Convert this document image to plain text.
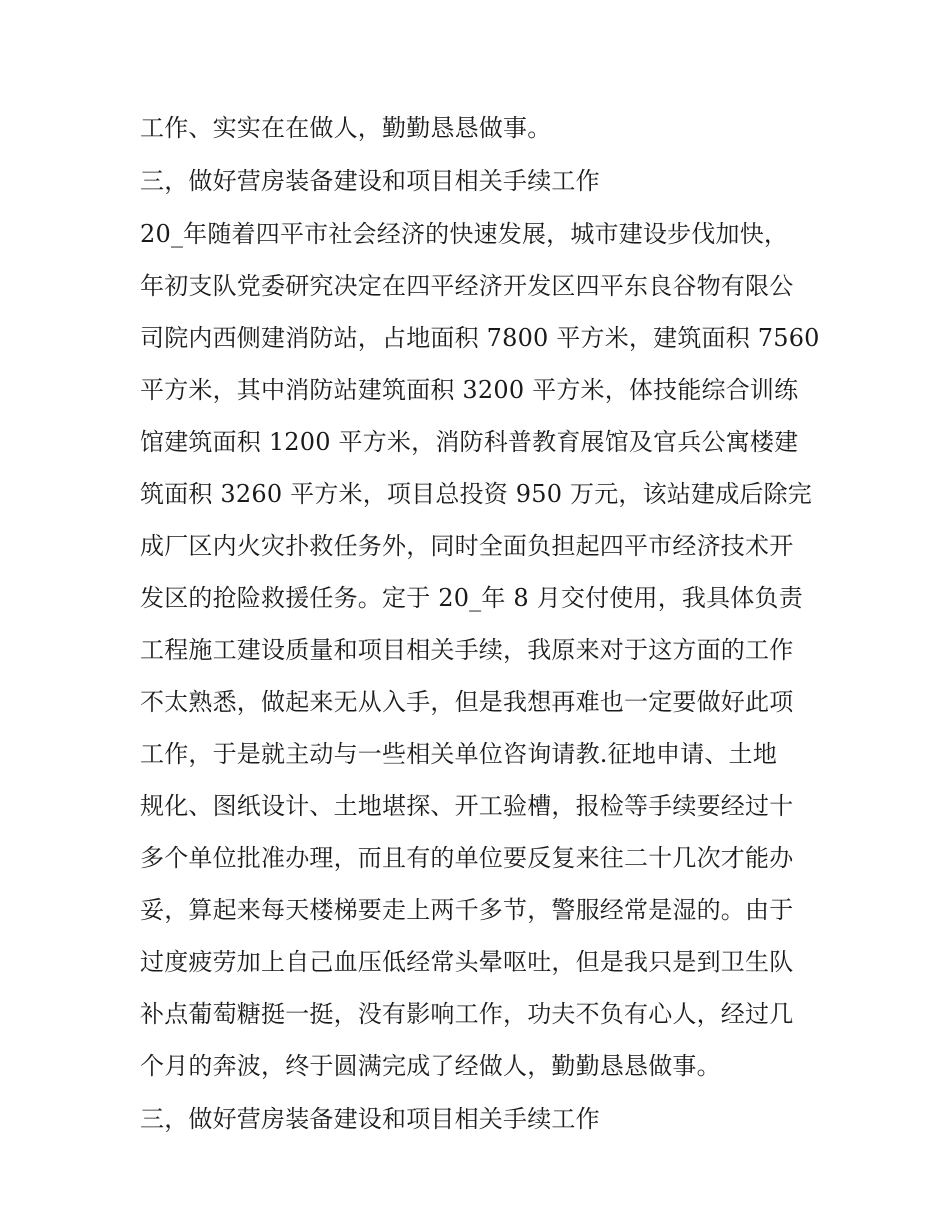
工作、实实在在做人，勤勤恳恳做事。
三，做好营房装备建设和项目相关手续工作
20_年随着四平市社会经济的快速发展，城市建设步伐加快，
年初支队党委研究决定在四平经济开发区四平东良谷物有限公
司院内西侧建消防站，占地面积 7800 平方米，建筑面积 7560
平方米，其中消防站建筑面积 3200 平方米，体技能综合训练
馆建筑面积 1200 平方米，消防科普教育展馆及官兵公寓楼建
筑面积 3260 平方米，项目总投资 950 万元，该站建成后除完
成厂区内火灾扑救任务外，同时全面负担起四平市经济技术开
发区的抢险救援任务。定于 20_年 8 月交付使用，我具体负责
工程施工建设质量和项目相关手续，我原来对于这方面的工作
不太熟悉，做起来无从入手，但是我想再难也一定要做好此项
工作，于是就主动与一些相关单位咨询请教.征地申请、土地
规化、图纸设计、土地堪探、开工验槽，报检等手续要经过十
多个单位批准办理，而且有的单位要反复来往二十几次才能办
妥，算起来每天楼梯要走上两千多节，警服经常是湿的。由于
过度疲劳加上自己血压低经常头晕呕吐，但是我只是到卫生队
补点葡萄糖挺一挺，没有影响工作，功夫不负有心人，经过几
个月的奔波，终于圆满完成了经做人，勤勤恳恳做事。
三，做好营房装备建设和项目相关手续工作
